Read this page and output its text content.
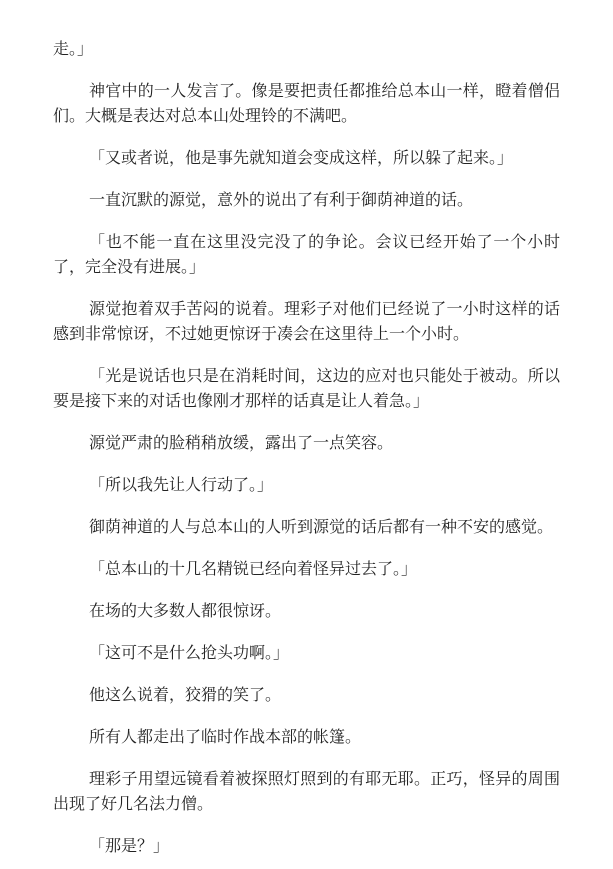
走。」

神官中的一人发言了。像是要把责任都推给总本山一样，瞪着僧侣们。大概是表达对总本山处理铃的不满吧。

「又或者说，他是事先就知道会变成这样，所以躲了起来。」

一直沉默的源觉，意外的说出了有利于御荫神道的话。

「也不能一直在这里没完没了的争论。会议已经开始了一个小时了，完全没有进展。」

源觉抱着双手苦闷的说着。理彩子对他们已经说了一小时这样的话感到非常惊讶，不过她更惊讶于凑会在这里待上一个小时。

「光是说话也只是在消耗时间，这边的应对也只能处于被动。所以要是接下来的对话也像刚才那样的话真是让人着急。」

源觉严肃的脸稍稍放缓，露出了一点笑容。

「所以我先让人行动了。」

御荫神道的人与总本山的人听到源觉的话后都有一种不安的感觉。

「总本山的十几名精锐已经向着怪异过去了。」

在场的大多数人都很惊讶。

「这可不是什么抢头功啊。」

他这么说着，狡猾的笑了。

所有人都走出了临时作战本部的帐篷。

理彩子用望远镜看着被探照灯照到的有耶无耶。正巧，怪异的周围出现了好几名法力僧。

「那是？」
